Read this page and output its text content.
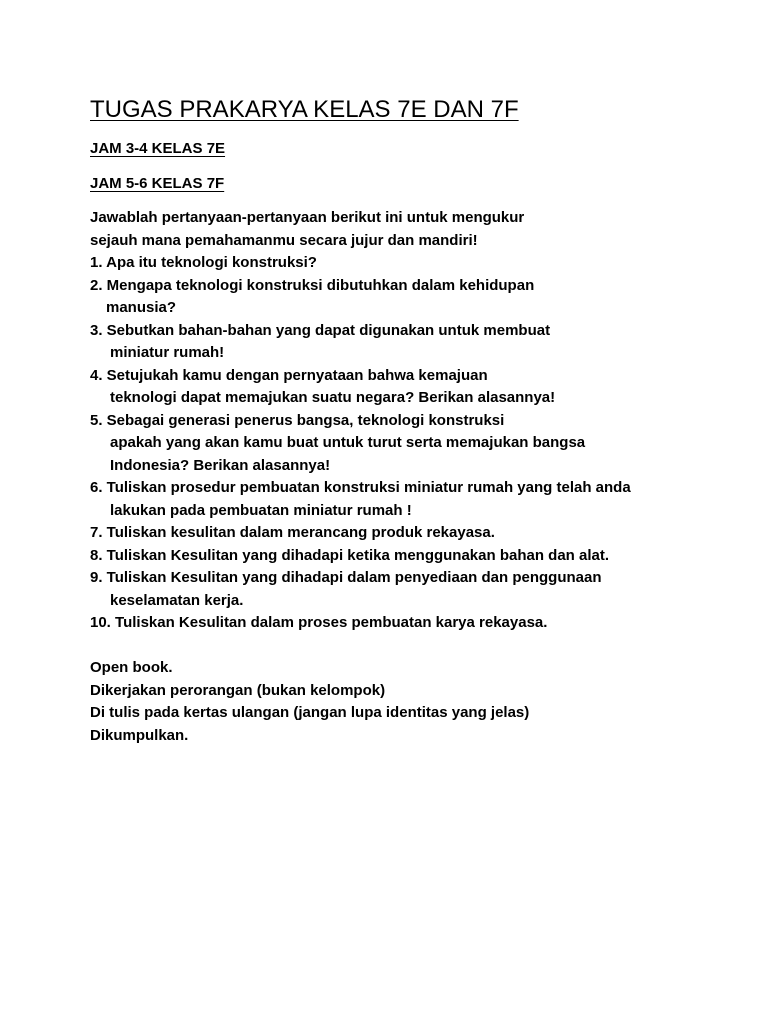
TUGAS PRAKARYA KELAS 7E DAN 7F

JAM 3-4 KELAS 7E

JAM 5-6 KELAS 7F

Jawablah pertanyaan-pertanyaan berikut ini untuk mengukur

sejauh mana pemahamanmu secara jujur dan mandiri!

1. Apa itu teknologi konstruksi?

2. Mengapa teknologi konstruksi dibutuhkan dalam kehidupan

manusia?

3. Sebutkan bahan-bahan yang dapat digunakan untuk membuat

miniatur rumah!

4. Setujukah kamu dengan pernyataan bahwa kemajuan

teknologi dapat memajukan suatu negara? Berikan alasannya!

5. Sebagai generasi penerus bangsa, teknologi konstruksi

apakah yang akan kamu buat untuk turut serta memajukan bangsa

Indonesia? Berikan alasannya!

6. Tuliskan prosedur pembuatan konstruksi miniatur rumah yang telah anda

lakukan pada pembuatan miniatur rumah !

7. Tuliskan kesulitan dalam merancang produk rekayasa.

8. Tuliskan Kesulitan yang dihadapi ketika menggunakan bahan dan alat.

9. Tuliskan Kesulitan yang dihadapi dalam penyediaan dan penggunaan

keselamatan kerja.

10. Tuliskan Kesulitan dalam proses pembuatan karya rekayasa.

Open book.

Dikerjakan perorangan (bukan kelompok)

Di tulis pada kertas ulangan (jangan lupa identitas yang jelas)

Dikumpulkan.
